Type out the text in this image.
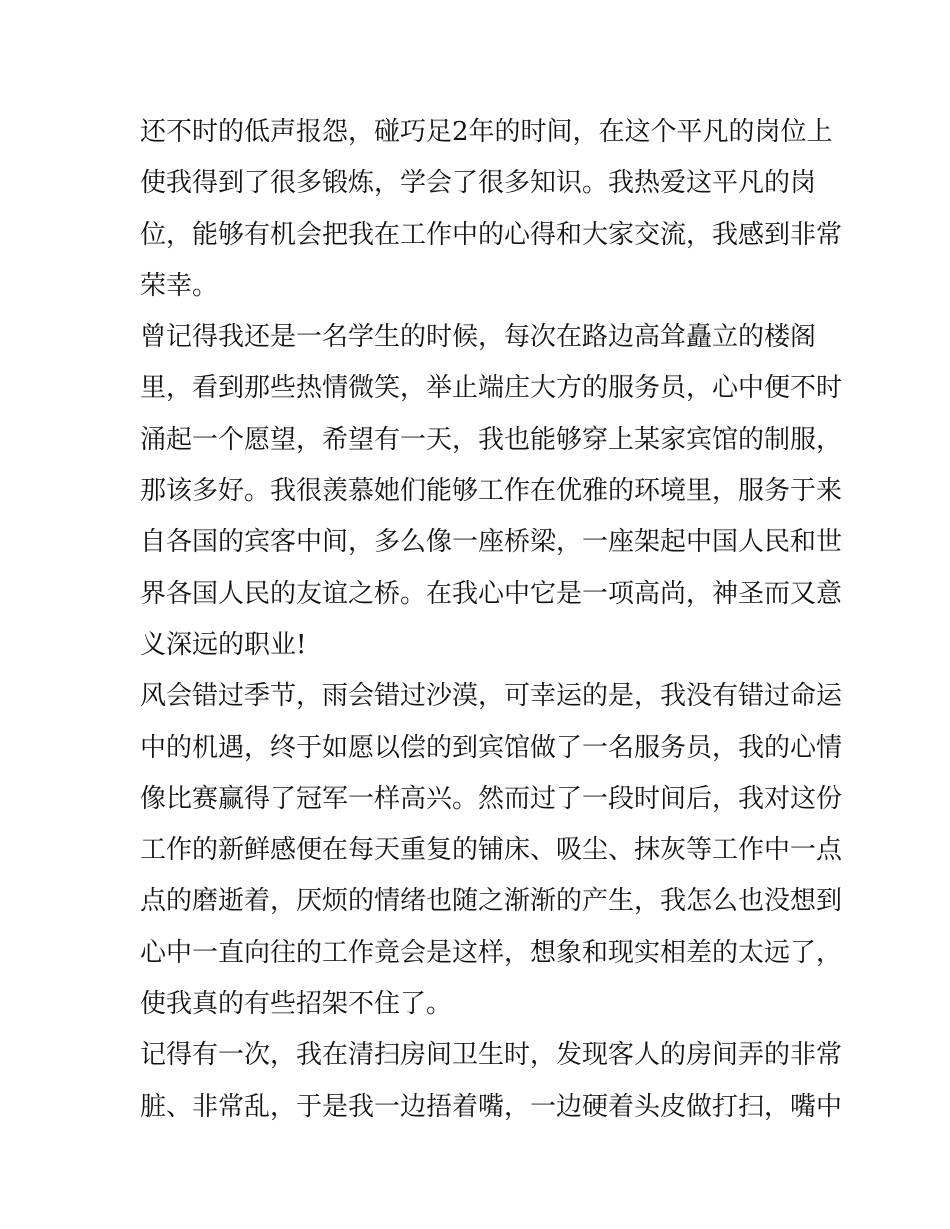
还不时的低声报怨，碰巧足2年的时间，在这个平凡的岗位上
使我得到了很多锻炼，学会了很多知识。我热爱这平凡的岗
位，能够有机会把我在工作中的心得和大家交流，我感到非常
荣幸。
曾记得我还是一名学生的时候，每次在路边高耸矗立的楼阁
里，看到那些热情微笑，举止端庄大方的服务员，心中便不时
涌起一个愿望，希望有一天，我也能够穿上某家宾馆的制服，
那该多好。我很羡慕她们能够工作在优雅的环境里，服务于来
自各国的宾客中间，多么像一座桥梁，一座架起中国人民和世
界各国人民的友谊之桥。在我心中它是一项高尚，神圣而又意
义深远的职业!
风会错过季节，雨会错过沙漠，可幸运的是，我没有错过命运
中的机遇，终于如愿以偿的到宾馆做了一名服务员，我的心情
像比赛赢得了冠军一样高兴。然而过了一段时间后，我对这份
工作的新鲜感便在每天重复的铺床、吸尘、抹灰等工作中一点
点的磨逝着，厌烦的情绪也随之渐渐的产生，我怎么也没想到
心中一直向往的工作竟会是这样，想象和现实相差的太远了，
使我真的有些招架不住了。
记得有一次，我在清扫房间卫生时，发现客人的房间弄的非常
脏、非常乱，于是我一边捂着嘴，一边硬着头皮做打扫，嘴中
